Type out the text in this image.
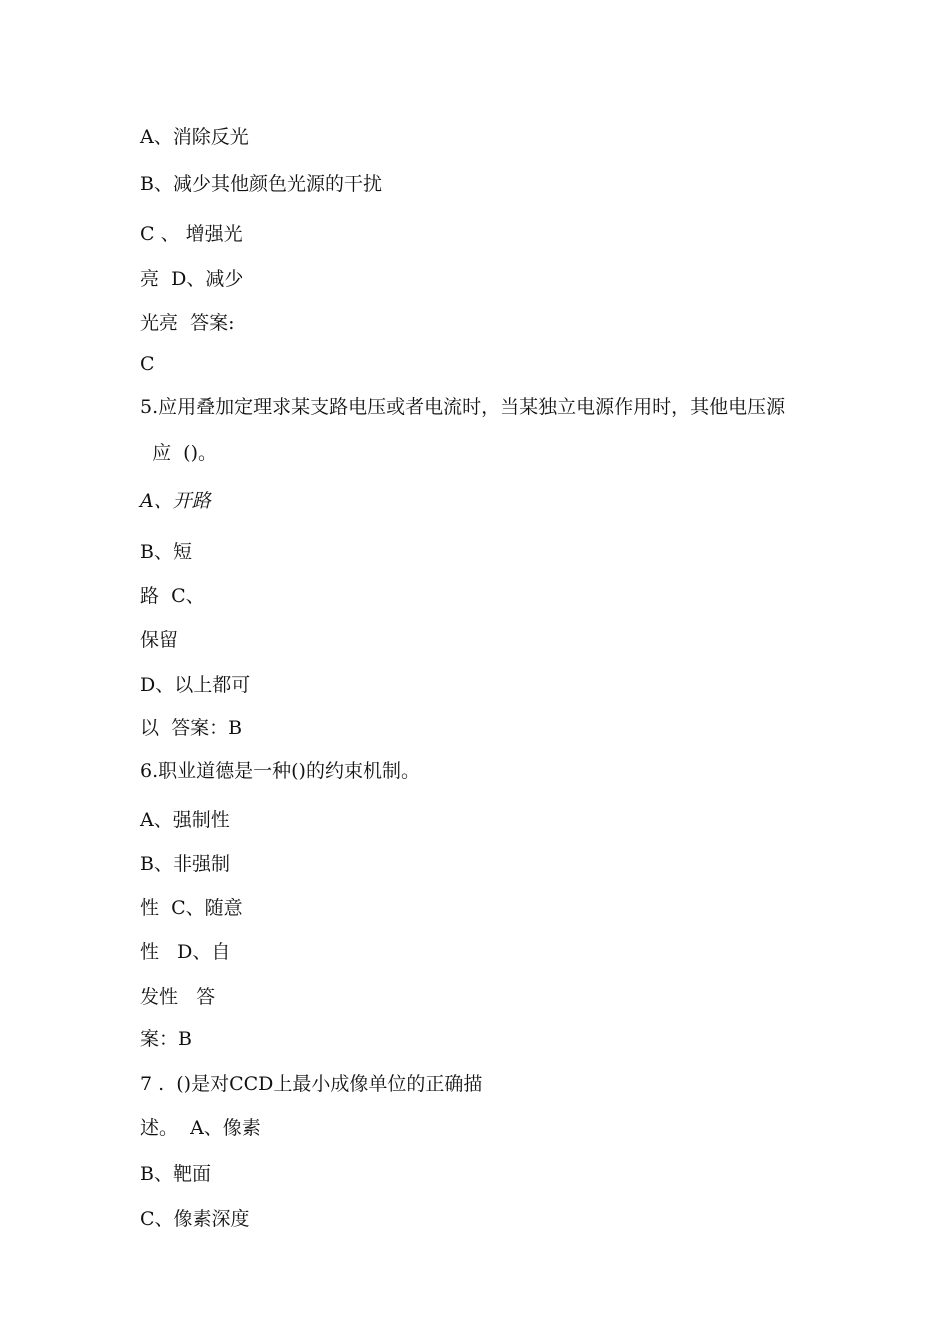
A、消除反光
B、减少其他颜色光源的干扰
C 、 增强光
亮  D、减少
光亮  答案:
C
5.应用叠加定理求某支路电压或者电流时，当某独立电源作用时，其他电压源
应  ()。
A、开路
B、短
路  C、
保留
D、以上都可
以  答案：B
6.职业道德是一种()的约束机制。
A、强制性
B、非强制
性  C、随意
性   D、自
发性   答
案：B
7 .  ()是对CCD上最小成像单位的正确描
述。  A、像素
B、靶面
C、像素深度
